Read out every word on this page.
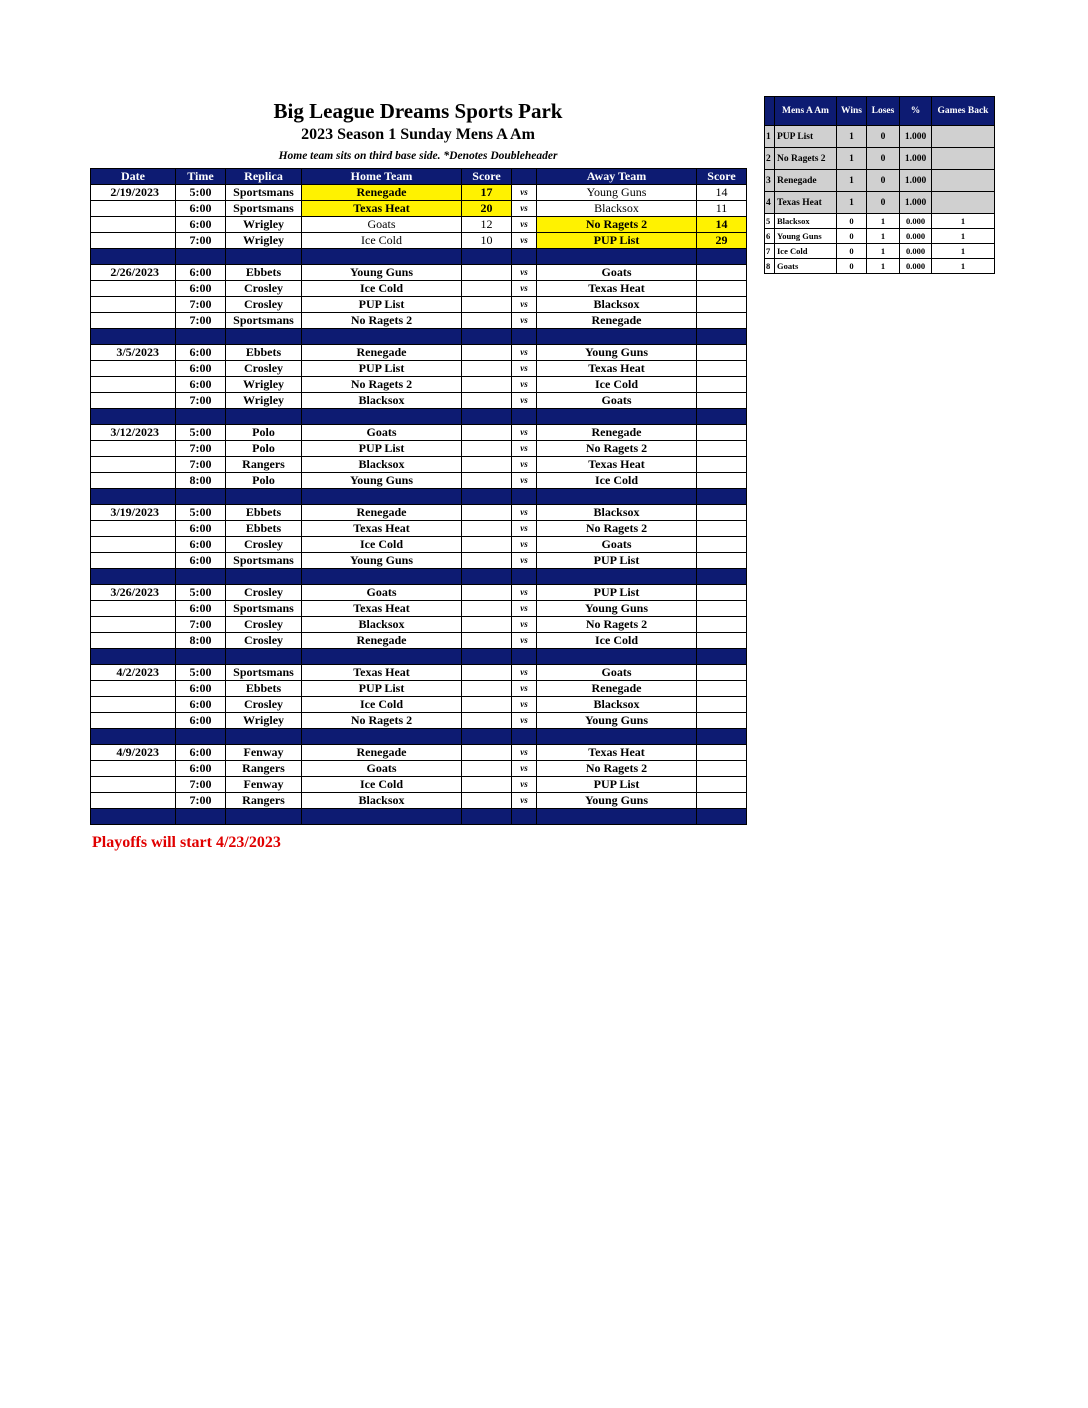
Big League Dreams Sports Park
2023 Season 1 Sunday Mens A Am
Home team sits on third base side. *Denotes Doubleheader
Date	Time	Replica	Home Team	Score		Away Team	Score
2/19/2023	5:00	Sportsmans	Renegade	17	vs	Young Guns	14
	6:00	Sportsmans	Texas Heat	20	vs	Blacksox	11
	6:00	Wrigley	Goats	12	vs	No Ragets 2	14
	7:00	Wrigley	Ice Cold	10	vs	PUP List	29

2/26/2023	6:00	Ebbets	Young Guns		vs	Goats	
	6:00	Crosley	Ice Cold		vs	Texas Heat	
	7:00	Crosley	PUP List		vs	Blacksox	
	7:00	Sportsmans	No Ragets 2		vs	Renegade	

3/5/2023	6:00	Ebbets	Renegade		vs	Young Guns	
	6:00	Crosley	PUP List		vs	Texas Heat	
	6:00	Wrigley	No Ragets 2		vs	Ice Cold	
	7:00	Wrigley	Blacksox		vs	Goats	

3/12/2023	5:00	Polo	Goats		vs	Renegade	
	7:00	Polo	PUP List		vs	No Ragets 2	
	7:00	Rangers	Blacksox		vs	Texas Heat	
	8:00	Polo	Young Guns		vs	Ice Cold	

3/19/2023	5:00	Ebbets	Renegade		vs	Blacksox	
	6:00	Ebbets	Texas Heat		vs	No Ragets 2	
	6:00	Crosley	Ice Cold		vs	Goats	
	6:00	Sportsmans	Young Guns		vs	PUP List	

3/26/2023	5:00	Crosley	Goats		vs	PUP List	
	6:00	Sportsmans	Texas Heat		vs	Young Guns	
	7:00	Crosley	Blacksox		vs	No Ragets 2	
	8:00	Crosley	Renegade		vs	Ice Cold	

4/2/2023	5:00	Sportsmans	Texas Heat		vs	Goats	
	6:00	Ebbets	PUP List		vs	Renegade	
	6:00	Crosley	Ice Cold		vs	Blacksox	
	6:00	Wrigley	No Ragets 2		vs	Young Guns	

4/9/2023	6:00	Fenway	Renegade		vs	Texas Heat	
	6:00	Rangers	Goats		vs	No Ragets 2	
	7:00	Fenway	Ice Cold		vs	PUP List	
	7:00	Rangers	Blacksox		vs	Young Guns	

	Mens A Am	Wins	Loses	%	Games Back
1	PUP List	1	0	1.000	
2	No Ragets 2	1	0	1.000	
3	Renegade	1	0	1.000	
4	Texas Heat	1	0	1.000	
5	Blacksox	0	1	0.000	1
6	Young Guns	0	1	0.000	1
7	Ice Cold	0	1	0.000	1
8	Goats	0	1	0.000	1
Playoffs will start 4/23/2023
